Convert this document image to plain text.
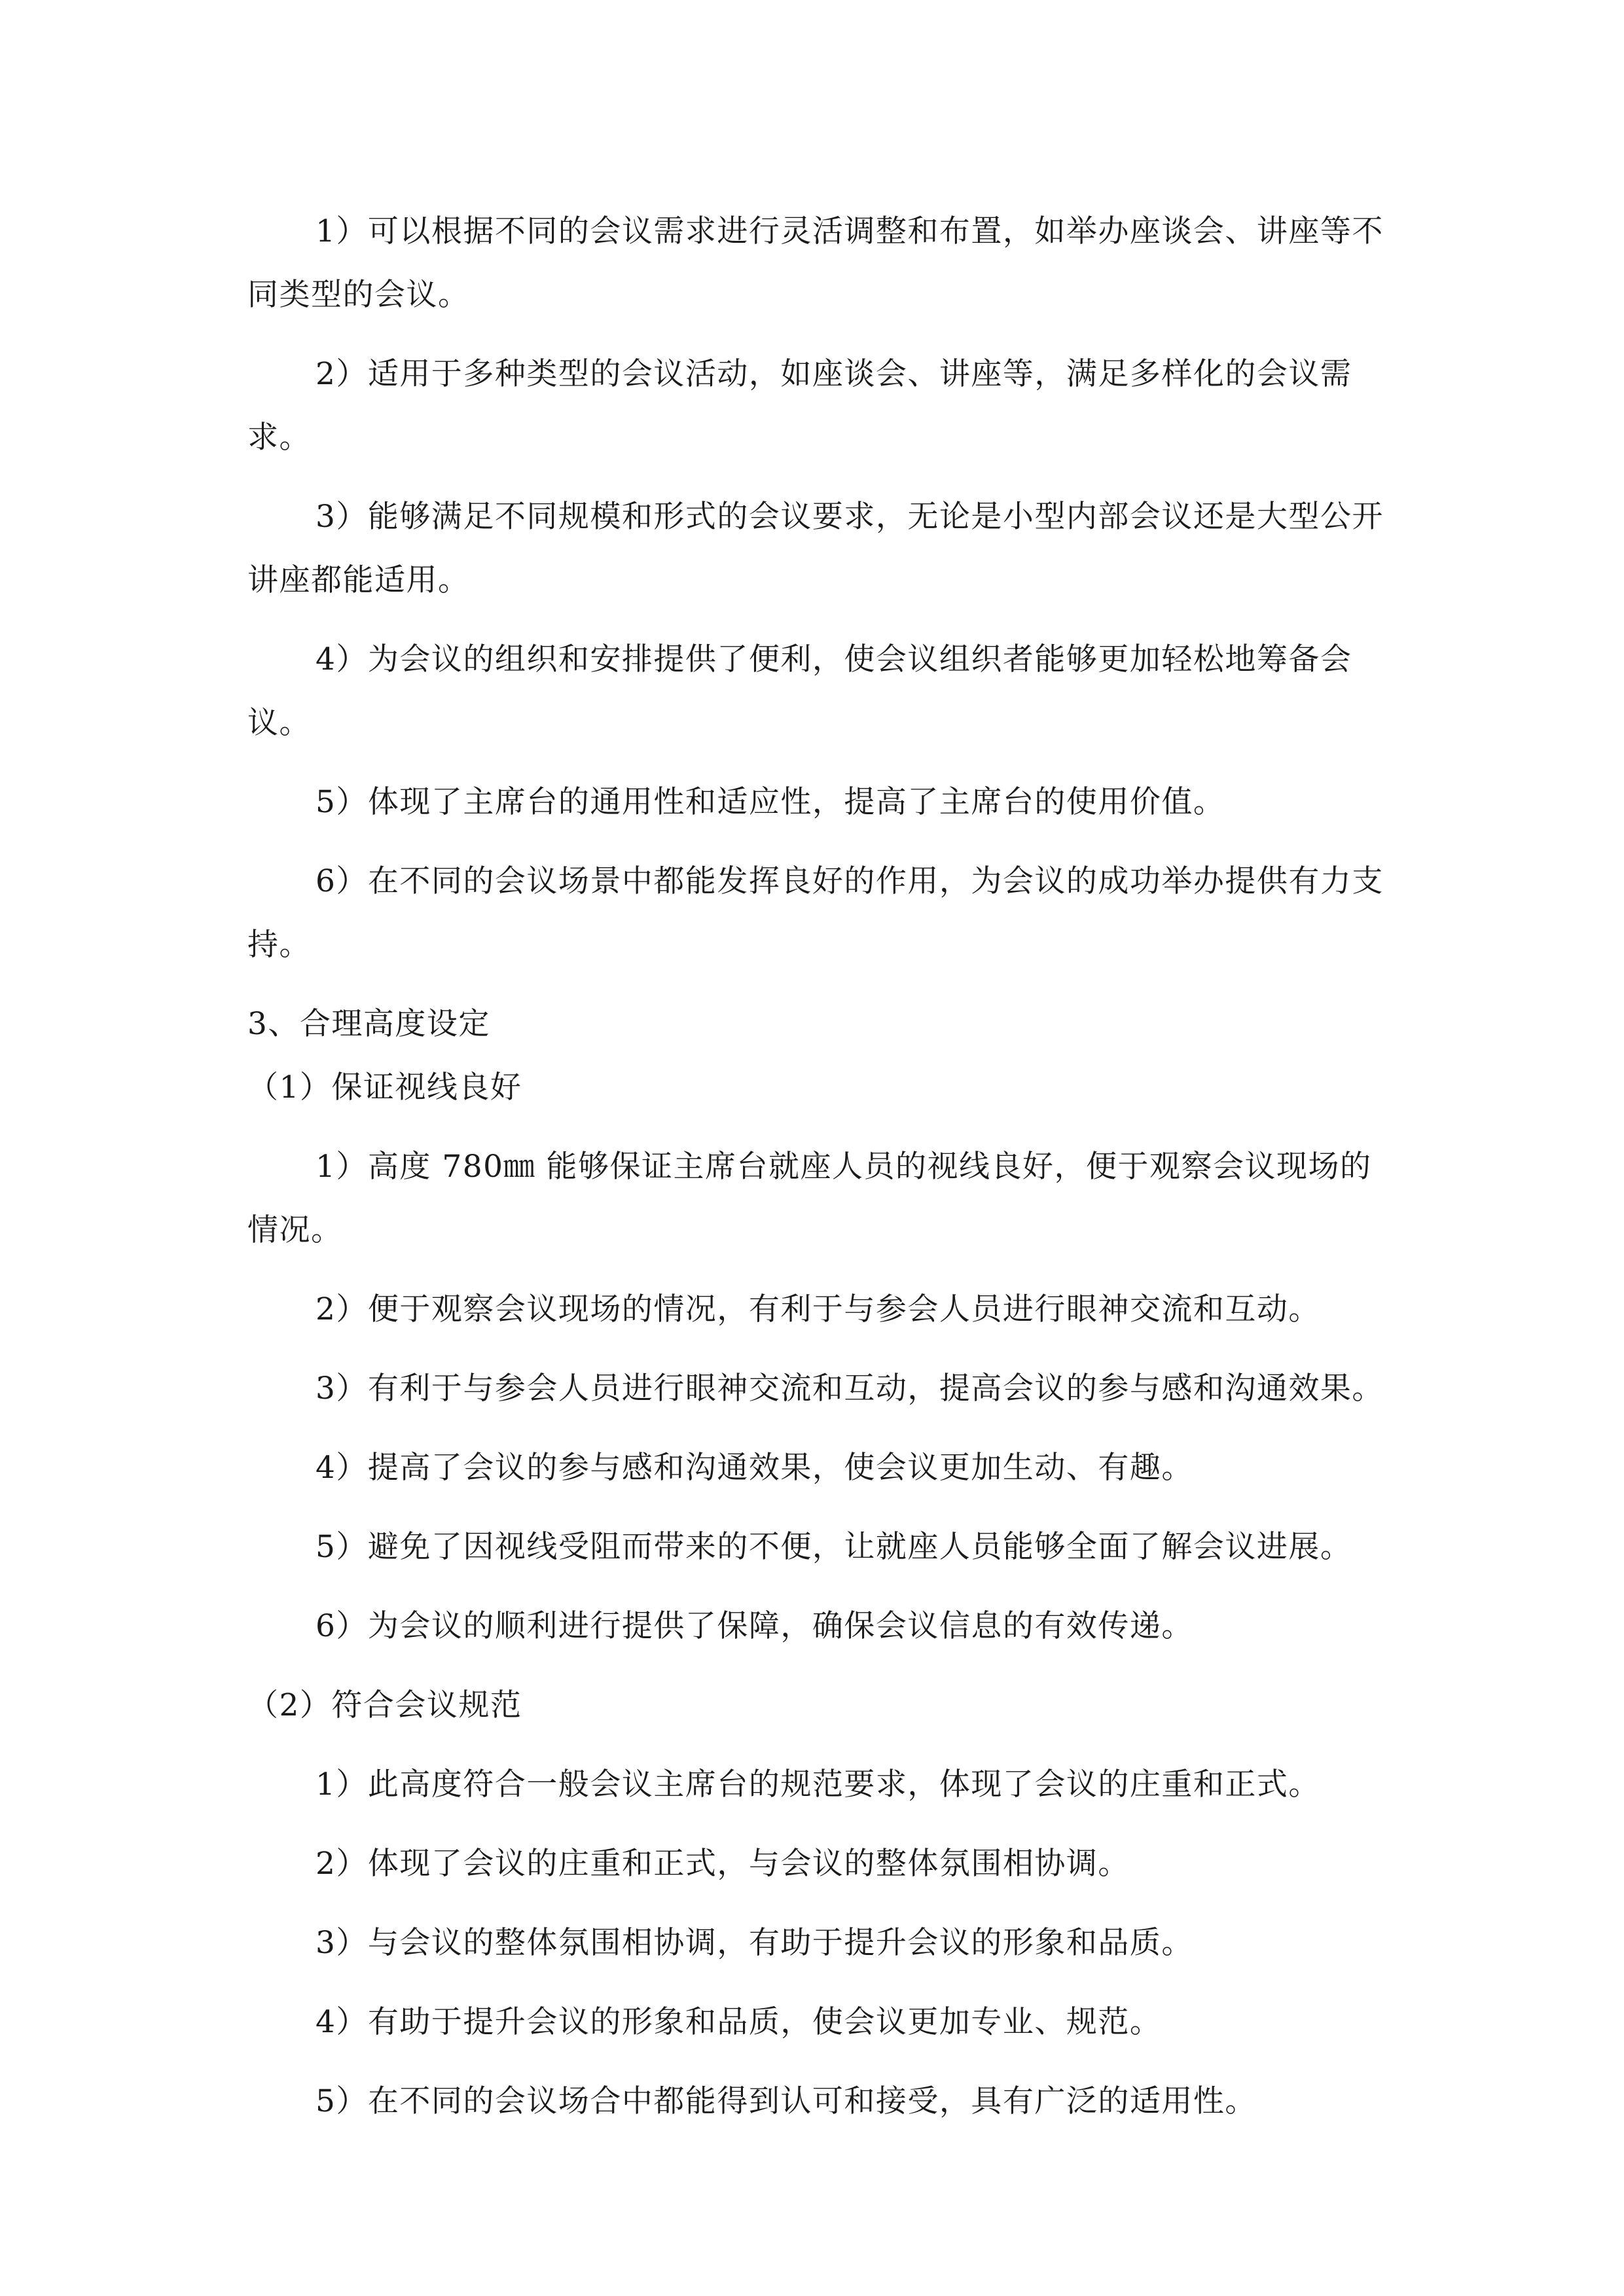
1）可以根据不同的会议需求进行灵活调整和布置，如举办座谈会、讲座等不同类型的会议。

2）适用于多种类型的会议活动，如座谈会、讲座等，满足多样化的会议需求。

3）能够满足不同规模和形式的会议要求，无论是小型内部会议还是大型公开讲座都能适用。

4）为会议的组织和安排提供了便利，使会议组织者能够更加轻松地筹备会议。

5）体现了主席台的通用性和适应性，提高了主席台的使用价值。

6）在不同的会议场景中都能发挥良好的作用，为会议的成功举办提供有力支持。

3、合理高度设定
（1）保证视线良好

1）高度 780㎜ 能够保证主席台就座人员的视线良好，便于观察会议现场的情况。

2）便于观察会议现场的情况，有利于与参会人员进行眼神交流和互动。

3）有利于与参会人员进行眼神交流和互动，提高会议的参与感和沟通效果。

4）提高了会议的参与感和沟通效果，使会议更加生动、有趣。

5）避免了因视线受阻而带来的不便，让就座人员能够全面了解会议进展。

6）为会议的顺利进行提供了保障，确保会议信息的有效传递。

（2）符合会议规范

1）此高度符合一般会议主席台的规范要求，体现了会议的庄重和正式。

2）体现了会议的庄重和正式，与会议的整体氛围相协调。

3）与会议的整体氛围相协调，有助于提升会议的形象和品质。

4）有助于提升会议的形象和品质，使会议更加专业、规范。

5）在不同的会议场合中都能得到认可和接受，具有广泛的适用性。
